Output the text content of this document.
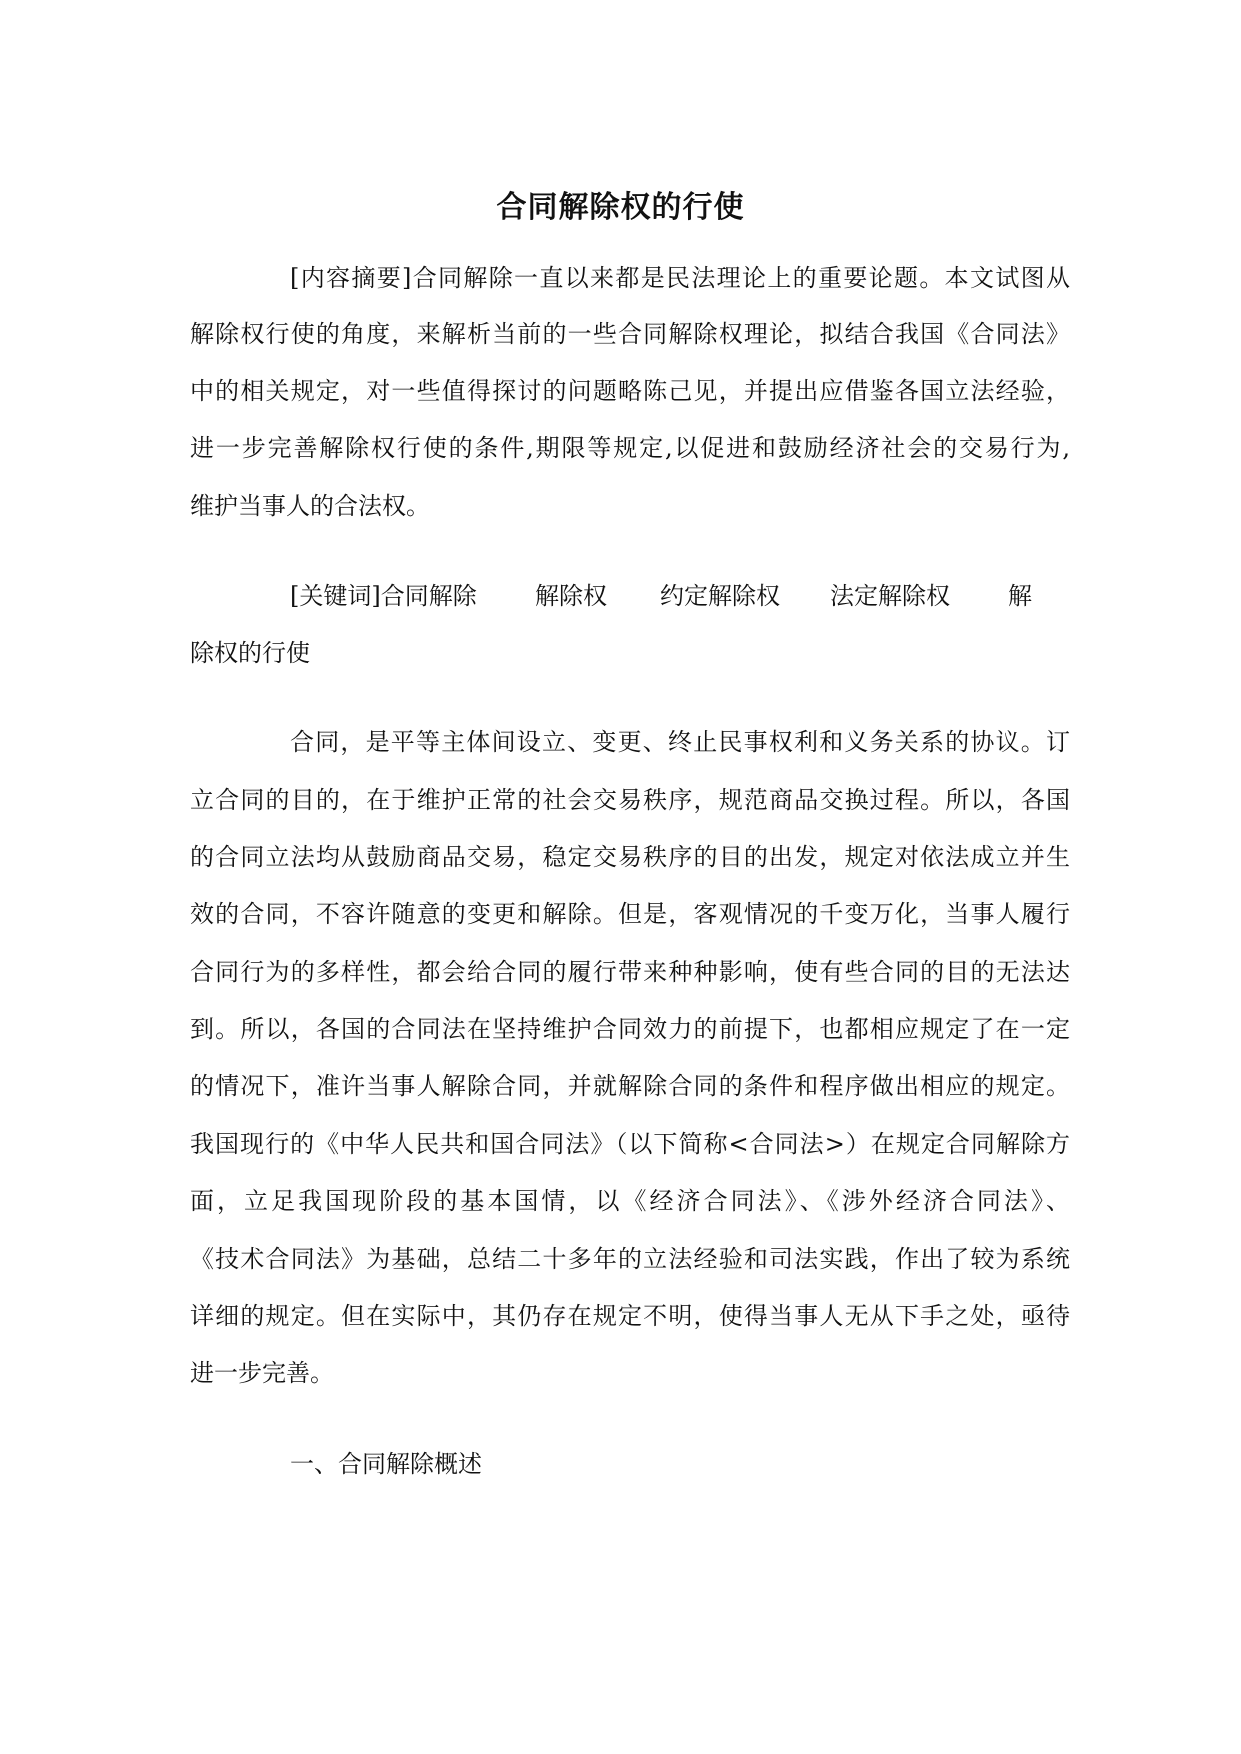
合同解除权的行使
[内容摘要]合同解除一直以来都是民法理论上的重要论题。本文试图从
解除权行使的角度，来解析当前的一些合同解除权理论，拟结合我国《合同法》
中的相关规定，对一些值得探讨的问题略陈己见，并提出应借鉴各国立法经验，
进一步完善解除权行使的条件,期限等规定,以促进和鼓励经济社会的交易行为,
维护当事人的合法权。
[关键词]合同解除 解除权 约定解除权 法定解除权 解
除权的行使
合同，是平等主体间设立、变更、终止民事权利和义务关系的协议。订
立合同的目的，在于维护正常的社会交易秩序，规范商品交换过程。所以，各国
的合同立法均从鼓励商品交易，稳定交易秩序的目的出发，规定对依法成立并生
效的合同，不容许随意的变更和解除。但是，客观情况的千变万化，当事人履行
合同行为的多样性，都会给合同的履行带来种种影响，使有些合同的目的无法达
到。所以，各国的合同法在坚持维护合同效力的前提下，也都相应规定了在一定
的情况下，准许当事人解除合同，并就解除合同的条件和程序做出相应的规定。
我国现行的《中华人民共和国合同法》（以下简称<合同法>）在规定合同解除方
面，立足我国现阶段的基本国情，以《经济合同法》、《涉外经济合同法》、
《技术合同法》为基础，总结二十多年的立法经验和司法实践，作出了较为系统
详细的规定。但在实际中，其仍存在规定不明，使得当事人无从下手之处，亟待
进一步完善。
一、合同解除概述
